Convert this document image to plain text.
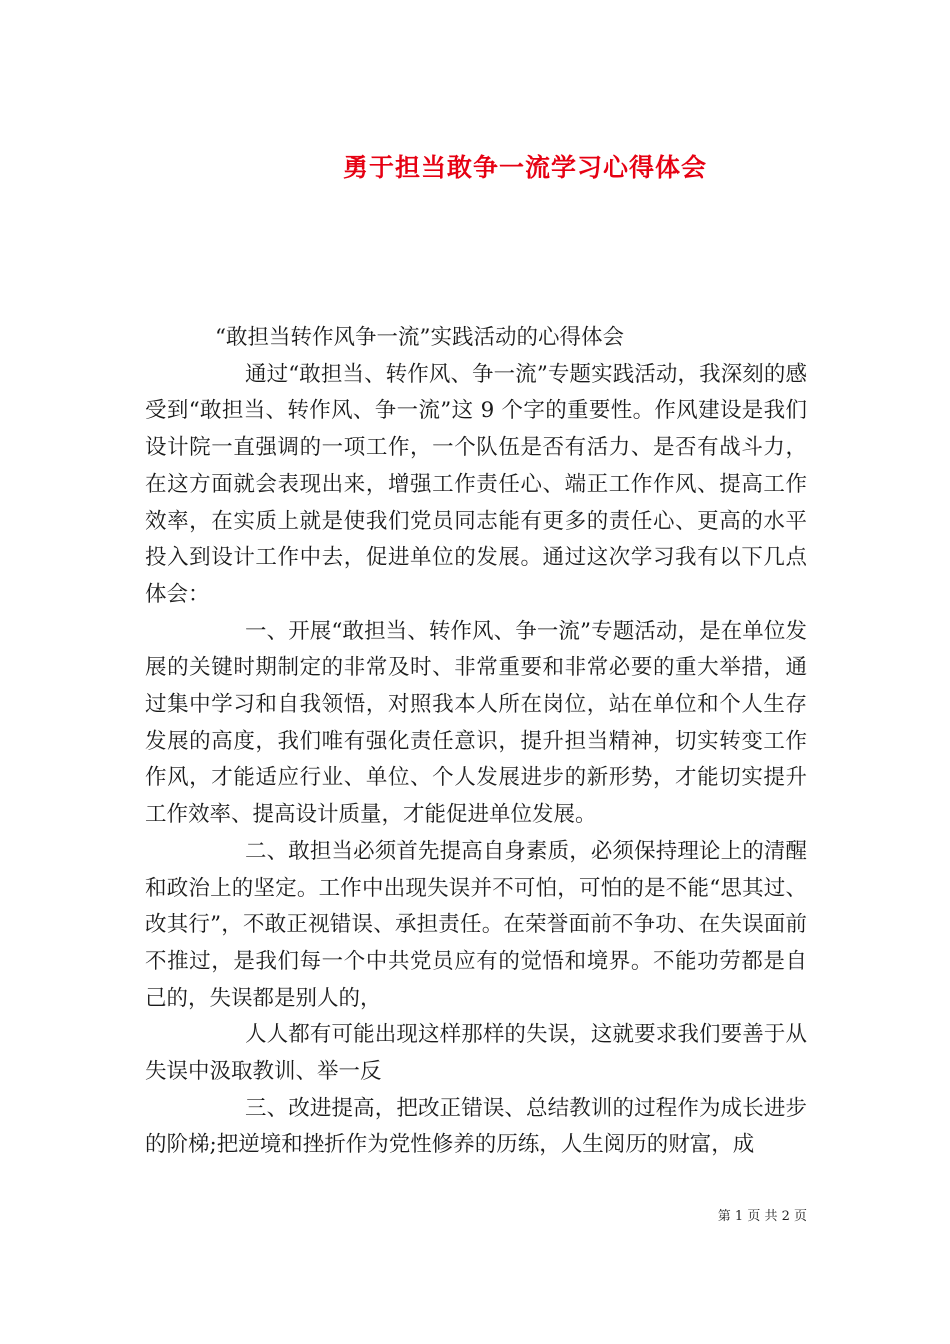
勇于担当敢争一流学习心得体会

“敢担当转作风争一流”实践活动的心得体会

通过“敢担当、转作风、争一流”专题实践活动，我深刻的感受到“敢担当、转作风、争一流”这 9 个字的重要性。作风建设是我们设计院一直强调的一项工作，一个队伍是否有活力、是否有战斗力，在这方面就会表现出来，增强工作责任心、端正工作作风、提高工作效率，在实质上就是使我们党员同志能有更多的责任心、更高的水平投入到设计工作中去，促进单位的发展。通过这次学习我有以下几点体会：

一、开展“敢担当、转作风、争一流”专题活动，是在单位发展的关键时期制定的非常及时、非常重要和非常必要的重大举措，通过集中学习和自我领悟，对照我本人所在岗位，站在单位和个人生存发展的高度，我们唯有强化责任意识，提升担当精神，切实转变工作作风，才能适应行业、单位、个人发展进步的新形势，才能切实提升工作效率、提高设计质量，才能促进单位发展。

二、敢担当必须首先提高自身素质，必须保持理论上的清醒和政治上的坚定。工作中出现失误并不可怕，可怕的是不能“思其过、改其行”，不敢正视错误、承担责任。在荣誉面前不争功、在失误面前不推过，是我们每一个中共党员应有的觉悟和境界。不能功劳都是自己的，失误都是别人的，

人人都有可能出现这样那样的失误，这就要求我们要善于从失误中汲取教训、举一反

三、改进提高，把改正错误、总结教训的过程作为成长进步的阶梯;把逆境和挫折作为党性修养的历练，人生阅历的财富，成

第 1 页 共 2 页
